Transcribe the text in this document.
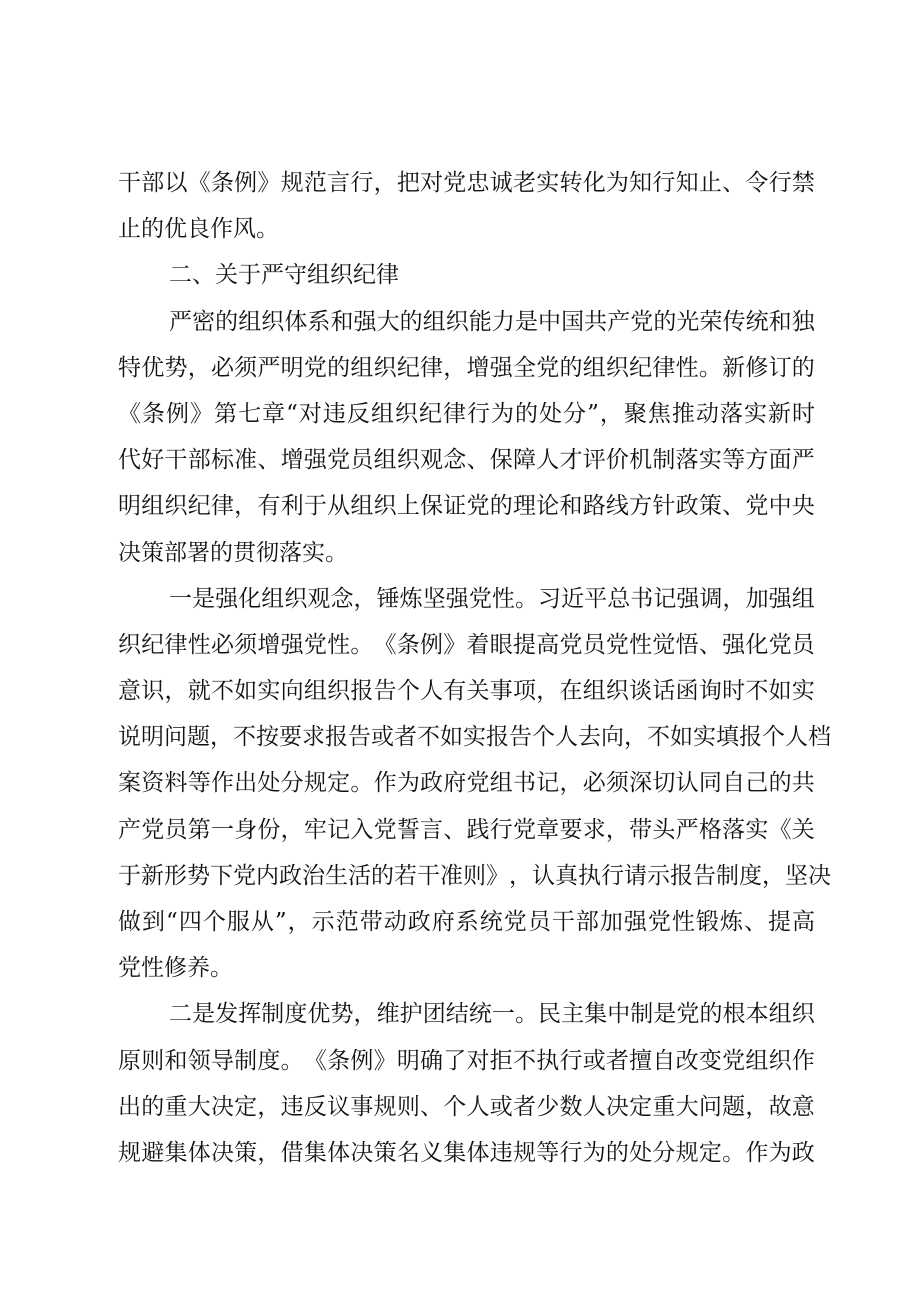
干 部 以 《 条 例 》 规 范 言 行 ， 把 对 党 忠 诚 老 实 转 化 为 知 行 知 止 、 令 行 禁
止的优良作风。
二、关于严守组织纪律
严 密 的 组 织 体 系 和 强 大 的 组 织 能 力 是 中 国 共 产 党 的 光 荣 传 统 和 独
特 优 势 ， 必 须 严 明 党 的 组 织 纪 律 ， 增 强 全 党 的 组 织 纪 律 性 。 新 修 订 的
《 条 例 》 第 七 章 “ 对 违 反 组 织 纪 律 行 为 的 处 分 ” ， 聚 焦 推 动 落 实 新 时
代 好 干 部 标 准 、 增 强 党 员 组 织 观 念 、 保 障 人 才 评 价 机 制 落 实 等 方 面 严
明 组 织 纪 律 ， 有 利 于 从 组 织 上 保 证 党 的 理 论 和 路 线 方 针 政 策 、 党 中 央
决策部署的贯彻落实。
一 是 强 化 组 织 观 念 ， 锤 炼 坚 强 党 性 。 习 近 平 总 书 记 强 调 ， 加 强 组
织 纪 律 性 必 须 增 强 党 性 。 《 条 例 》 着 眼 提 高 党 员 党 性 觉 悟 、 强 化 党 员
意 识 ， 就 不 如 实 向 组 织 报 告 个 人 有 关 事 项 ， 在 组 织 谈 话 函 询 时 不 如 实
说 明 问 题 ， 不 按 要 求 报 告 或 者 不 如 实 报 告 个 人 去 向 ， 不 如 实 填 报 个 人 档
案 资 料 等 作 出 处 分 规 定 。 作 为 政 府 党 组 书 记 ， 必 须 深 切 认 同 自 己 的 共
产 党 员 第 一 身 份 ， 牢 记 入 党 誓 言 、 践 行 党 章 要 求 ， 带 头 严 格 落 实 《 关
于 新 形 势 下 党 内 政 治 生 活 的 若 干 准 则 》 ， 认 真 执 行 请 示 报 告 制 度 ， 坚 决
做 到 “ 四 个 服 从 ” ， 示 范 带 动 政 府 系 统 党 员 干 部 加 强 党 性 锻 炼 、 提 高
党性修养。
二 是 发 挥 制 度 优 势 ， 维 护 团 结 统 一 。 民 主 集 中 制 是 党 的 根 本 组 织
原 则 和 领 导 制 度 。 《 条 例 》 明 确 了 对 拒 不 执 行 或 者 擅 自 改 变 党 组 织 作
出 的 重 大 决 定 ， 违 反 议 事 规 则 、 个 人 或 者 少 数 人 决 定 重 大 问 题 ， 故 意
规 避 集 体 决 策 ， 借 集 体 决 策 名 义 集 体 违 规 等 行 为 的 处 分 规 定 。 作 为 政
